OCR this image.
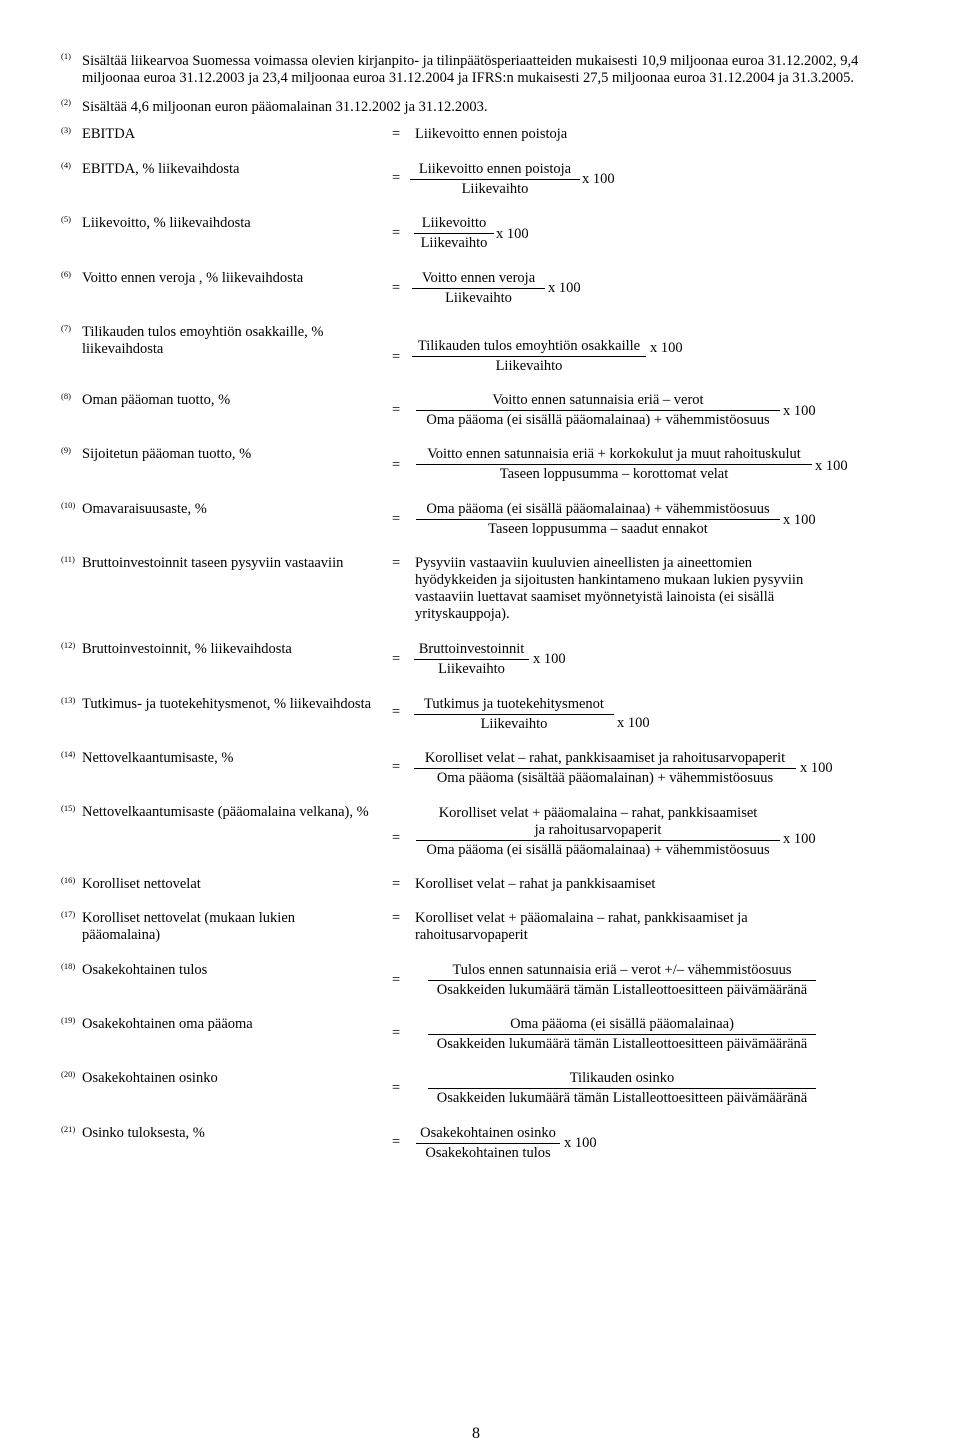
(1) Sisältää liikearvoa Suomessa voimassa olevien kirjanpito- ja tilinpäätösperiaatteiden mukaisesti 10,9 miljoonaa euroa 31.12.2002, 9,4
miljoonaa euroa 31.12.2003 ja 23,4 miljoonaa euroa 31.12.2004 ja IFRS:n mukaisesti 27,5 miljoonaa euroa 31.12.2004 ja 31.3.2005.
(2) Sisältää 4,6 miljoonan euron pääomalainan 31.12.2002 ja 31.12.2003.
(3) EBITDA	= Liikevoitto ennen poistoja
(4) EBITDA, % liikevaihdosta
=
Liikevoitto ennen poistoja
Liikevaihto
x 100
(5) Liikevoitto, % liikevaihdosta
=
Liikevoitto
Liikevaihto
x 100
(6) Voitto ennen veroja , % liikevaihdosta
=
Voitto ennen veroja
Liikevaihto
x 100
(7) Tilikauden tulos emoyhtiön osakkaille, %
liikevaihdosta	=
Tilikauden tulos emoyhtiön osakkaille
Liikevaihto
x 100
(8) Oman pääoman tuotto, %
=
Voitto ennen satunnaisia eriä – verot
Oma pääoma (ei sisällä pääomalainaa) + vähemmistöosuus
x 100
(9) Sijoitetun pääoman tuotto, %
=
Voitto ennen satunnaisia eriä + korkokulut ja muut rahoituskulut
Taseen loppusumma – korottomat velat	x 100
(10) Omavaraisuusaste, %
=
Oma pääoma (ei sisällä pääomalainaa) + vähemmistöosuus
Taseen loppusumma – saadut ennakot
x 100
(11) Bruttoinvestoinnit taseen pysyviin vastaaviin	= Pysyviin vastaaviin kuuluvien aineellisten ja aineettomien
hyödykkeiden ja sijoitusten hankintameno mukaan lukien pysyviin
vastaaviin luettavat saamiset myönnetyistä lainoista (ei sisällä
yrityskauppoja).
(12) Bruttoinvestoinnit, % liikevaihdosta
=
Bruttoinvestoinnit
Liikevaihto
x 100
(13) Tutkimus- ja tuotekehitysmenot, % liikevaihdosta =	Tutkimus ja tuotekehitysmenot
Liikevaihto	x 100
(14) Nettovelkaantumisaste, %
=
Korolliset velat – rahat, pankkisaamiset ja rahoitusarvopaperit
Oma pääoma (sisältää pääomalainan) + vähemmistöosuus
x 100
(15) Nettovelkaantumisaste (pääomalaina velkana), %
=
Korolliset velat + pääomalaina – rahat, pankkisaamiset
ja rahoitusarvopaperit
Oma pääoma (ei sisällä pääomalainaa) + vähemmistöosuus
x 100
(16) Korolliset nettovelat	= Korolliset velat – rahat ja pankkisaamiset
(17) Korolliset nettovelat (mukaan lukien
pääomalaina)
= Korolliset velat + pääomalaina – rahat, pankkisaamiset ja
rahoitusarvopaperit
(18) Osakekohtainen tulos
=
Tulos ennen satunnaisia eriä – verot +/– vähemmistöosuus
Osakkeiden lukumäärä tämän Listalleottoesitteen päivämääränä
(19) Osakekohtainen oma pääoma
=
Oma pääoma (ei sisällä pääomalainaa)
Osakkeiden lukumäärä tämän Listalleottoesitteen päivämääränä
(20) Osakekohtainen osinko
=
Tilikauden osinko
Osakkeiden lukumäärä tämän Listalleottoesitteen päivämääränä
(21) Osinko tuloksesta, %
=
Osakekohtainen osinko
Osakekohtainen tulos
x 100
8
